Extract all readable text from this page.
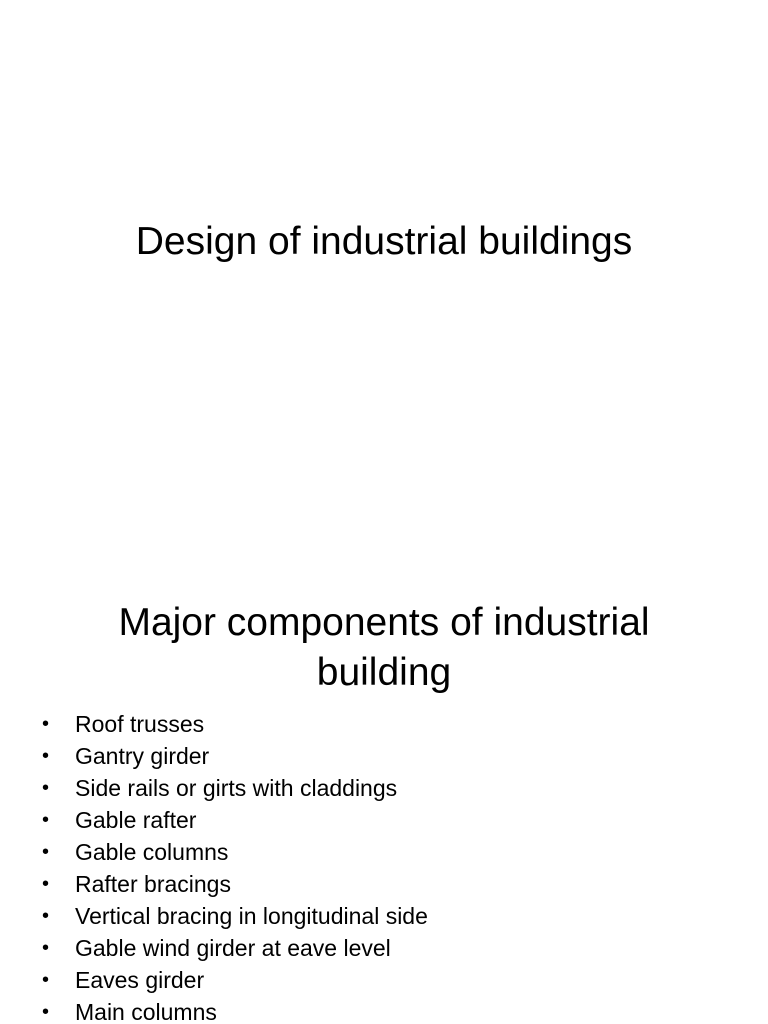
Design of industrial buildings
Major components of industrial building
• Roof trusses
• Gantry girder
• Side rails or girts with claddings
• Gable rafter
• Gable columns
• Rafter bracings
• Vertical bracing in longitudinal side
• Gable wind girder at eave level
• Eaves girder
• Main columns
